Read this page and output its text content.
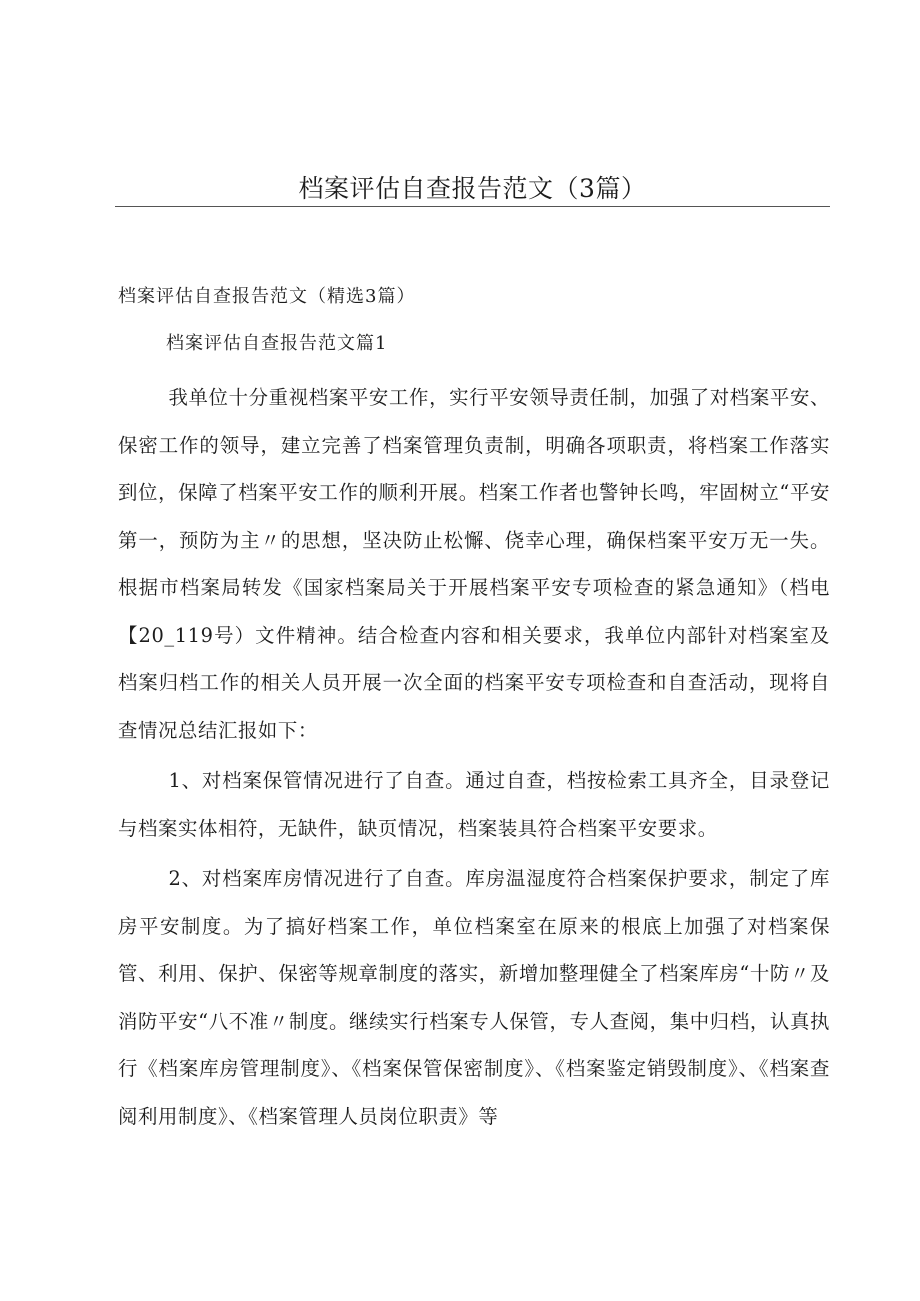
档案评估自查报告范文（3篇）

档案评估自查报告范文（精选3篇）

档案评估自查报告范文篇1

我单位十分重视档案平安工作，实行平安领导责任制，加强了对档案平安、保密工作的领导，建立完善了档案管理负责制，明确各项职责，将档案工作落实到位，保障了档案平安工作的顺利开展。档案工作者也警钟长鸣，牢固树立“平安第一，预防为主〃的思想，坚决防止松懈、侥幸心理，确保档案平安万无一失。根据市档案局转发《国家档案局关于开展档案平安专项检查的紧急通知》（档电【20_119号）文件精神。结合检查内容和相关要求，我单位内部针对档案室及档案归档工作的相关人员开展一次全面的档案平安专项检查和自查活动，现将自查情况总结汇报如下：

1、对档案保管情况进行了自查。通过自查，档按检索工具齐全，目录登记与档案实体相符，无缺件，缺页情况，档案装具符合档案平安要求。

2、对档案库房情况进行了自查。库房温湿度符合档案保护要求，制定了库房平安制度。为了搞好档案工作，单位档案室在原来的根底上加强了对档案保管、利用、保护、保密等规章制度的落实，新增加整理健全了档案库房“十防〃及消防平安“八不准〃制度。继续实行档案专人保管，专人查阅，集中归档，认真执行《档案库房管理制度》、《档案保管保密制度》、《档案鉴定销毁制度》、《档案查阅利用制度》、《档案管理人员岗位职责》等
